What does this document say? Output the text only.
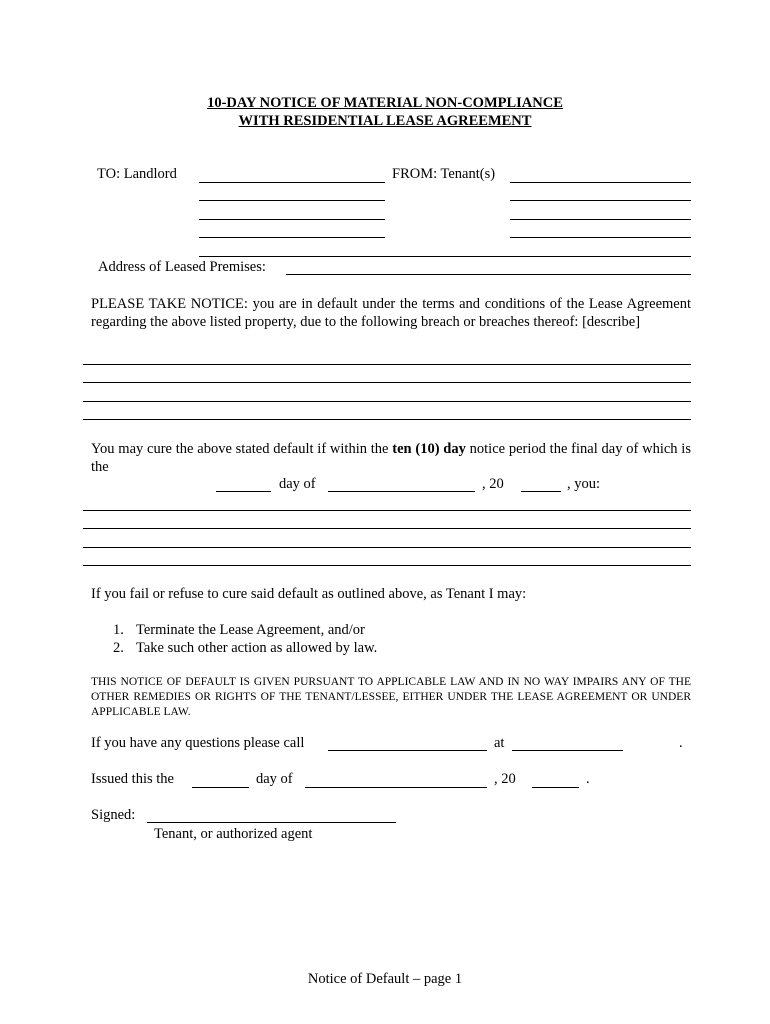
10-DAY NOTICE OF MATERIAL NON-COMPLIANCE
WITH RESIDENTIAL LEASE AGREEMENT
TO: Landlord	FROM: Tenant(s)
Address of Leased Premises:
PLEASE TAKE NOTICE: you are in default under the terms and conditions of the Lease Agreement regarding the above listed property, due to the following breach or breaches thereof: [describe]
You may cure the above stated default if within the ten (10) day notice period the final day of which is the
day of	, 20	, you:
If you fail or refuse to cure said default as outlined above, as Tenant I may:
1. Terminate the Lease Agreement, and/or
2. Take such other action as allowed by law.
THIS NOTICE OF DEFAULT IS GIVEN PURSUANT TO APPLICABLE LAW AND IN NO WAY IMPAIRS ANY OF THE OTHER REMEDIES OR RIGHTS OF THE TENANT/LESSEE, EITHER UNDER THE LEASE AGREEMENT OR UNDER APPLICABLE LAW.
If you have any questions please call	at	.
Issued this the	day of	, 20	.
Signed:
Tenant, or authorized agent
Notice of Default – page 1
